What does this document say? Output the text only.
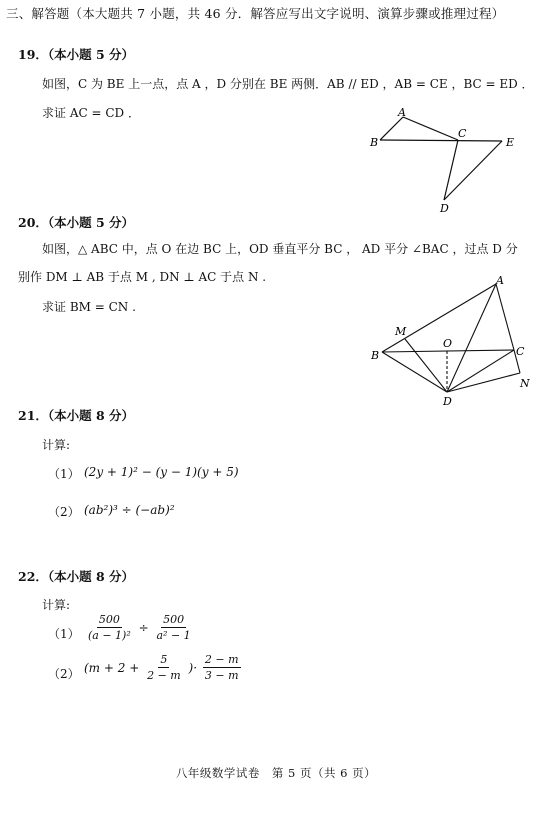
三、解答题（本大题共 7 小题，共 46 分．解答应写出文字说明、演算步骤或推理过程）
19．（本小题 5 分）
如图，C 为 BE 上一点，点 A ，D 分别在 BE 两侧．AB // ED ，AB = CE ，BC = ED ．
求证 AC = CD ．	A
B
C
E
D
20．（本小题 5 分）
如图，△ ABC 中，点 O 在边 BC 上，OD 垂直平分 BC ， AD 平分 ∠BAC ，过点 D 分
别作 DM ⊥ AB 于点 M , DN ⊥ AC 于点 N .
求证 BM = CN .
A
M
O
B	C
N
D
21．（本小题 8 分）
计算:
（1） (2y + 1)² − (y − 1)(y + 5)
（2） (ab²)³ ÷ (−ab)²
22．（本小题 8 分）
计算:
$(1) \frac{500}{\text{(a − 1)²}} \div \frac{500}{\text{a² − 1}}$
（2） ($m + 2 + \frac{5}{2 - m}$ )· $\frac{2 - m}{3 - m}$
八年级数学试卷　第 5 页（共 6 页）
